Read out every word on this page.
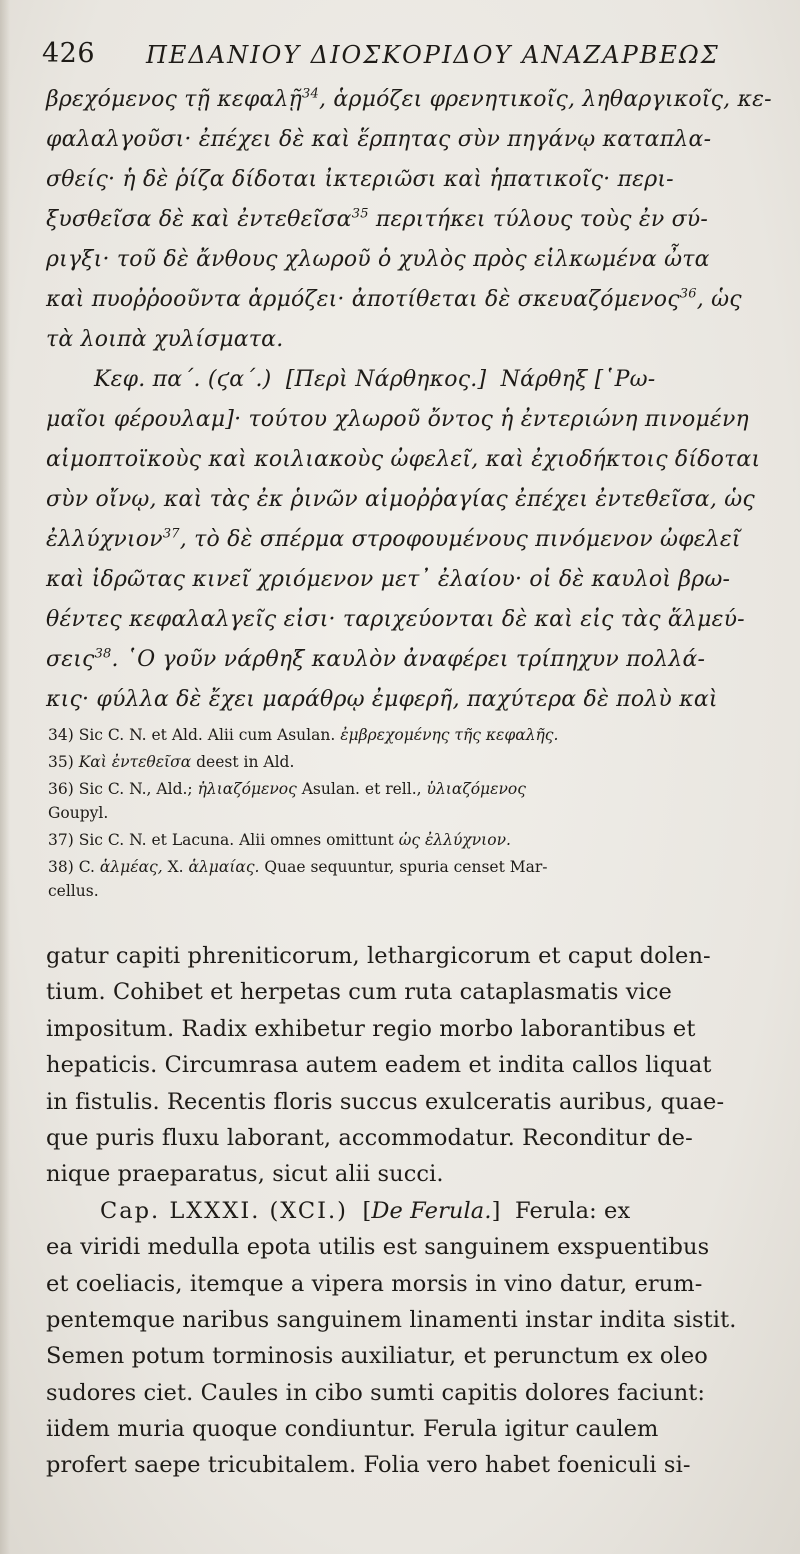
426 ΠΕΔΑΝΙΟΥ ΔΙΟΣΚΟΡΙΔΟΥ ΑΝΑΖΑΡΒΕΩΣ
βρεχόμενος τῇ κεφαλῇ$^{34}$, ἁρμόζει φρενητικοῖς, ληθαργικοῖς, κε-
φαλαλγοῦσι· ἐπέχει δὲ καὶ ἕρπητας σὺν πηγάνῳ καταπλα-
σθείς· ἡ δὲ ῥίζα δίδοται ἰκτεριῶσι καὶ ἡπατικοῖς· περι-
ξυσθεῖσα δὲ καὶ ἐντεθεῖσα$^{35}$ περιτήκει τύλους τοὺς ἐν σύ-
ριγξι· τοῦ δὲ ἄνθους χλωροῦ ὁ χυλὸς πρὸς εἱλκωμένα ὦτα
καὶ πυοῤῥοοῦντα ἁρμόζει· ἀποτίθεται δὲ σκευαζόμενος$^{36}$, ὡς
τὰ λοιπὰ χυλίσματα.
Κεφ. πα΄. (ϛα΄.) [Περὶ Νάρθηκος.] Νάρθηξ [῾Ρω-
μαῖοι φέρουλαμ]· τούτου χλωροῦ ὄντος ἡ ἐντεριώνη πινομένη
αἱμοπτοϊκοὺς καὶ κοιλιακοὺς ὠφελεῖ, καὶ ἐχιοδήκτοις δίδοται
σὺν οἴνῳ, καὶ τὰς ἐκ ῥινῶν αἱμοῤῥαγίας ἐπέχει ἐντεθεῖσα, ὡς
ἐλλύχνιον$^{37}$, τὸ δὲ σπέρμα στροφουμένους πινόμενον ὠφελεῖ
καὶ ἱδρῶτας κινεῖ χριόμενον μετ᾽ ἐλαίου· οἱ δὲ καυλοὶ βρω-
θέντες κεφαλαλγεῖς εἰσι· ταριχεύονται δὲ καὶ εἰς τὰς ἅλμεύ-
σεις$^{38}$. ῾Ο γοῦν νάρθηξ καυλὸν ἀναφέρει τρίπηχυν πολλά-
κις· φύλλα δὲ ἔχει μαράθρῳ ἐμφερῆ, παχύτερα δὲ πολὺ καὶ
34) Sic C. N. et Ald. Alii cum Asulan. ἐμβρεχομένης τῆς κεφαλῆς.
35) Καὶ ἐντεθεῖσα deest in Ald.
36) Sic C. N., Ald.; ἠλιαζόμενος Asulan. et rell., ὑλιαζόμενος
Goupyl.
37) Sic C. N. et Lacuna. Alii omnes omittunt ὡς ἐλλύχνιον.
38) C. ἁλμέας, X. ἁλμαίας. Quae sequuntur, spuria censet Mar-
cellus.
gatur capiti phreniticorum, lethargicorum et caput dolen-
tium. Cohibet et herpetas cum ruta cataplasmatis vice
impositum. Radix exhibetur regio morbo laborantibus et
hepaticis. Circumrasa autem eadem et indita callos liquat
in fistulis. Recentis floris succus exulceratis auribus, quae-
que puris fluxu laborant, accommodatur. Reconditur de-
nique praeparatus, sicut alii succi.
Cap. LXXXI. (XCI.)  [De Ferula.]  Ferula: ex
ea viridi medulla epota utilis est sanguinem exspuentibus
et coeliacis, itemque a vipera morsis in vino datur, erum-
pentemque naribus sanguinem linamenti instar indita sistit.
Semen potum torminosis auxiliatur, et perunctum ex oleo
sudores ciet. Caules in cibo sumti capitis dolores faciunt:
iidem muria quoque condiuntur. Ferula igitur caulem
profert saepe tricubitalem. Folia vero habet foeniculi si-
